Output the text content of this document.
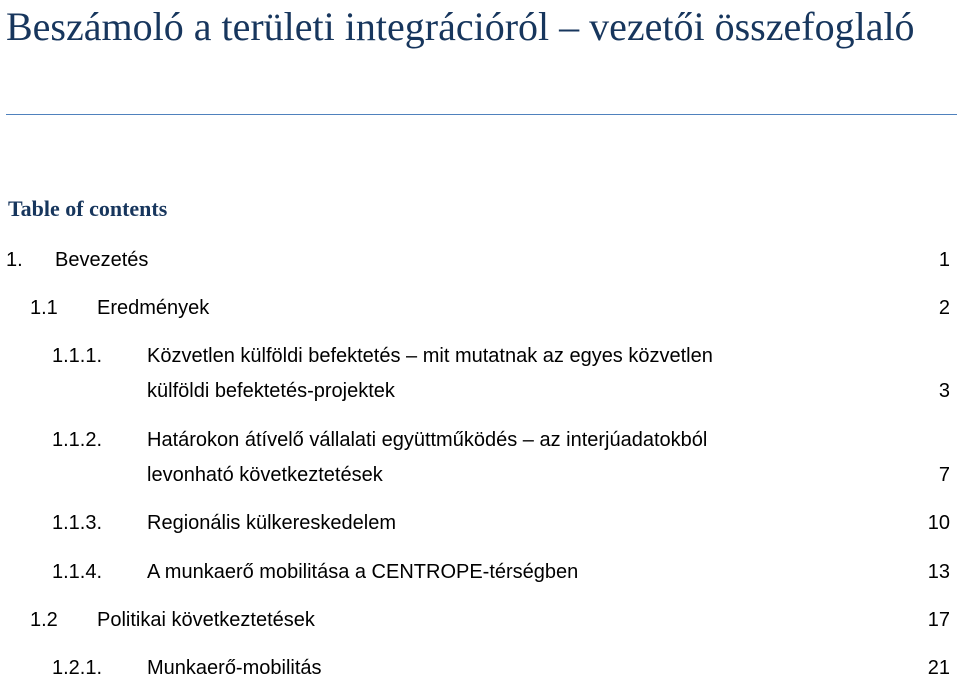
Beszámoló a területi integrációról – vezetői összefoglaló
Table of contents
1. Bevezetés	1
1.1 Eredmények	2
1.1.1. Közvetlen külföldi befektetés – mit mutatnak az egyes közvetlen
külföldi befektetés-projektek	3
1.1.2. Határokon átívelő vállalati együttműködés – az interjúadatokból
levonható következtetések	7
1.1.3. Regionális külkereskedelem	10
1.1.4. A munkaerő mobilitása a CENTROPE-térségben	13
1.2 Politikai következtetések	17
1.2.1. Munkaerő-mobilitás	21
